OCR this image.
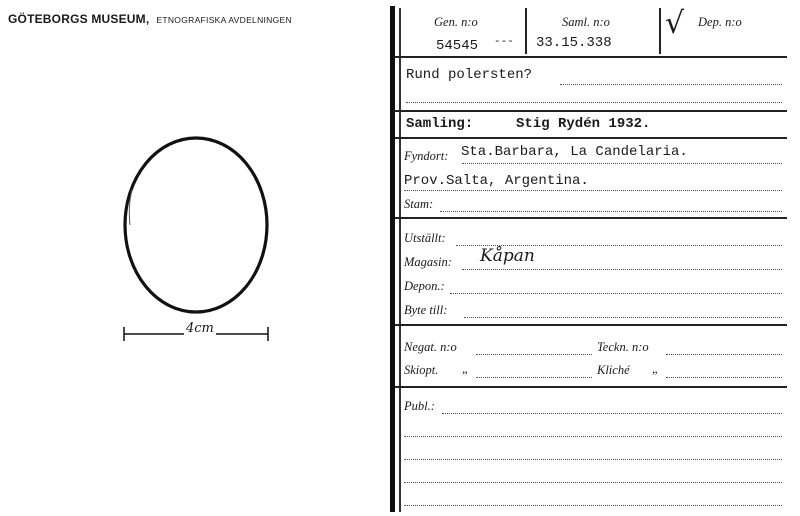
GÖTEBORGS MUSEUM, ETNOGRAFISKA AVDELNINGEN
4cm
Gen. n:o
54545 ---
Saml. n:o
33.15.338
√ Dep. n:o
Rund polersten?
Samling:	Stig Rydén 1932.
Fyndort: Sta.Barbara, La Candelaria.
Prov.Salta, Argentina.
Stam:
Utställt:
Magasin: Kåpan
Depon.:
Byte till:
Negat. n:o	Teckn. n:o
Skiopt. „	Kliché „
Publ.:
